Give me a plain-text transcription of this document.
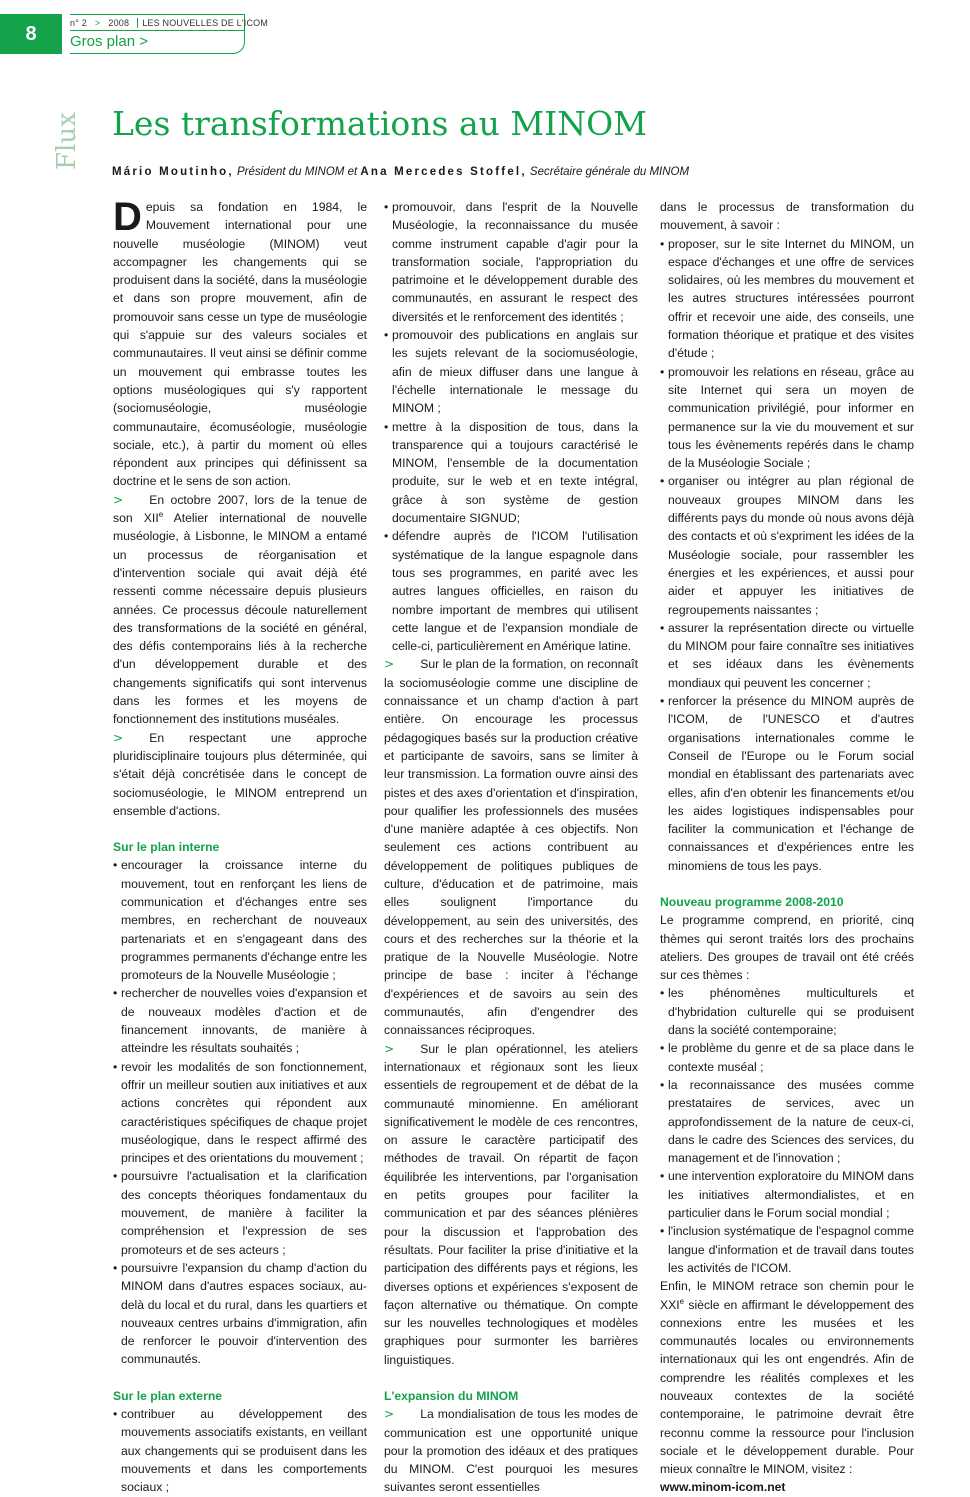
8	n° 2 > 2008	LES NOUVELLES DE L'ICOM
Gros plan >
Flux Les transformations au MINOM
Mário Moutinho, Président du MINOM et Ana Mercedes Stoffel, Secrétaire générale du MINOM

Depuis sa fondation en 1984, le Mouvement international pour une nouvelle muséologie (MINOM) veut accompagner les changements qui se produisent dans la société, dans la muséologie et dans son propre mouvement, afin de promouvoir sans cesse un type de muséologie qui s'appuie sur des valeurs sociales et communautaires. Il veut ainsi se définir comme un mouvement qui embrasse toutes les options muséologiques qui s'y rapportent (sociomuséologie, muséologie communautaire, écomuséologie, muséologie sociale, etc.), à partir du moment où elles répondent aux principes qui définissent sa doctrine et le sens de son action.

> En octobre 2007, lors de la tenue de son XIIe Atelier international de nouvelle muséologie, à Lisbonne, le MINOM a entamé un processus de réorganisation et d'intervention sociale qui avait déjà été ressenti comme nécessaire depuis plusieurs années. Ce processus découle naturellement des transformations de la société en général, des défis contemporains liés à la recherche d'un développement durable et des changements significatifs qui sont intervenus dans les formes et les moyens de fonctionnement des institutions muséales.

> En respectant une approche pluridisciplinaire toujours plus déterminée, qui s'était déjà concrétisée dans le concept de sociomuséologie, le MINOM entreprend un ensemble d'actions.

Sur le plan interne
• encourager la croissance interne du mouvement, tout en renforçant les liens de communication et d'échanges entre ses membres, en recherchant de nouveaux partenariats et en s'engageant dans des programmes permanents d'échange entre les promoteurs de la Nouvelle Muséologie ;
• rechercher de nouvelles voies d'expansion et de nouveaux modèles d'action et de financement innovants, de manière à atteindre les résultats souhaités ;
• revoir les modalités de son fonctionnement, offrir un meilleur soutien aux initiatives et aux actions concrètes qui répondent aux caractéristiques spécifiques de chaque projet muséologique, dans le respect affirmé des principes et des orientations du mouvement ;
• poursuivre l'actualisation et la clarification des concepts théoriques fondamentaux du mouvement, de manière à faciliter la compréhension et l'expression de ses promoteurs et de ses acteurs ;
• poursuivre l'expansion du champ d'action du MINOM dans d'autres espaces sociaux, au-delà du local et du rural, dans les quartiers et nouveaux centres urbains d'immigration, afin de renforcer le pouvoir d'intervention des communautés.
Sur le plan externe
• contribuer au développement des mouvements associatifs existants, en veillant aux changements qui se produisent dans les mouvements et dans les comportements sociaux ;
• promouvoir, dans l'esprit de la Nouvelle Muséologie, la reconnaissance du musée comme instrument capable d'agir pour la transformation sociale, l'appropriation du patrimoine et le développement durable des communautés, en assurant le respect des diversités et le renforcement des identités ;
• promouvoir des publications en anglais sur les sujets relevant de la sociomuséologie, afin de mieux diffuser dans une langue à l'échelle internationale le message du MINOM ;
• mettre à la disposition de tous, dans la transparence qui a toujours caractérisé le MINOM, l'ensemble de la documentation produite, sur le web et en texte intégral, grâce à son système de gestion documentaire SIGNUD;
• défendre auprès de l'ICOM l'utilisation systématique de la langue espagnole dans tous ses programmes, en parité avec les autres langues officielles, en raison du nombre important de membres qui utilisent cette langue et de l'expansion mondiale de celle-ci, particulièrement en Amérique latine.

> Sur le plan de la formation, on reconnaît la sociomuséologie comme une discipline de connaissance et un champ d'action à part entière. On encourage les processus pédagogiques basés sur la production créative et participante de savoirs, sans se limiter à leur transmission. La formation ouvre ainsi des pistes et des axes d'orientation et d'inspiration, pour qualifier les professionnels des musées d'une manière adaptée à ces objectifs. Non seulement ces actions contribuent au développement de politiques publiques de culture, d'éducation et de patrimoine, mais elles soulignent l'importance du développement, au sein des universités, des cours et des recherches sur la théorie et la pratique de la Nouvelle Muséologie. Notre principe de base : inciter à l'échange d'expériences et de savoirs au sein des communautés, afin d'engendrer des connaissances réciproques.

> Sur le plan opérationnel, les ateliers internationaux et régionaux sont les lieux essentiels de regroupement et de débat de la communauté minomienne. En améliorant significativement le modèle de ces rencontres, on assure le caractère participatif des méthodes de travail. On répartit de façon équilibrée les interventions, par l'organisation en petits groupes pour faciliter la communication et par des séances plénières pour la discussion et l'approbation des résultats. Pour faciliter la prise d'initiative et la participation des différents pays et régions, les diverses options et expériences s'exposent de façon alternative ou thématique. On compte sur les nouvelles technologiques et modèles graphiques pour surmonter les barrières linguistiques.

L'expansion du MINOM

> La mondialisation de tous les modes de communication est une opportunité unique pour la promotion des idéaux et des pratiques du MINOM. C'est pourquoi les mesures suivantes seront essentielles

dans le processus de transformation du mouvement, à savoir :

• proposer, sur le site Internet du MINOM, un espace d'échanges et une offre de services solidaires, où les membres du mouvement et les autres structures intéressées pourront offrir et recevoir une aide, des conseils, une formation théorique et pratique et des visites d'étude ;
• promouvoir les relations en réseau, grâce au site Internet qui sera un moyen de communication privilégié, pour informer en permanence sur la vie du mouvement et sur tous les évènements repérés dans le champ de la Muséologie Sociale ;
• organiser ou intégrer au plan régional de nouveaux groupes MINOM dans les différents pays du monde où nous avons déjà des contacts et où s'expriment les idées de la Muséologie sociale, pour rassembler les énergies et les expériences, et aussi pour aider et appuyer les initiatives de regroupements naissantes ;
• assurer la représentation directe ou virtuelle du MINOM pour faire connaître ses initiatives et ses idéaux dans les évènements mondiaux qui peuvent les concerner ;
• renforcer la présence du MINOM auprès de l'ICOM, de l'UNESCO et d'autres organisations internationales comme le Conseil de l'Europe ou le Forum social mondial en établissant des partenariats avec elles, afin d'en obtenir les financements et/ou les aides logistiques indispensables pour faciliter la communication et l'échange de connaissances et d'expériences entre les minomiens de tous les pays.
Nouveau programme 2008-2010

Le programme comprend, en priorité, cinq thèmes qui seront traités lors des prochains ateliers. Des groupes de travail ont été créés sur ces thèmes :

• les phénomènes multiculturels et d'hybridation culturelle qui se produisent dans la société contemporaine;
• le problème du genre et de sa place dans le contexte muséal ;
• la reconnaissance des musées comme prestataires de services, avec un approfondissement de la nature de ceux-ci, dans le cadre des Sciences des services, du management et de l'innovation ;
• une intervention exploratoire du MINOM dans les initiatives altermondialistes, et en particulier dans le Forum social mondial ;
• l'inclusion systématique de l'espagnol comme langue d'information et de travail dans toutes les activités de l'ICOM.

Enfin, le MINOM retrace son chemin pour le XXIe siècle en affirmant le développement des connexions entre les musées et les communautés locales ou environnements internationaux qui les ont engendrés. Afin de comprendre les réalités complexes et les nouveaux contextes de la société contemporaine, le patrimoine devrait être reconnu comme la ressource pour l'inclusion sociale et le développement durable. Pour mieux connaître le MINOM, visitez :

www.minom-icom.net
